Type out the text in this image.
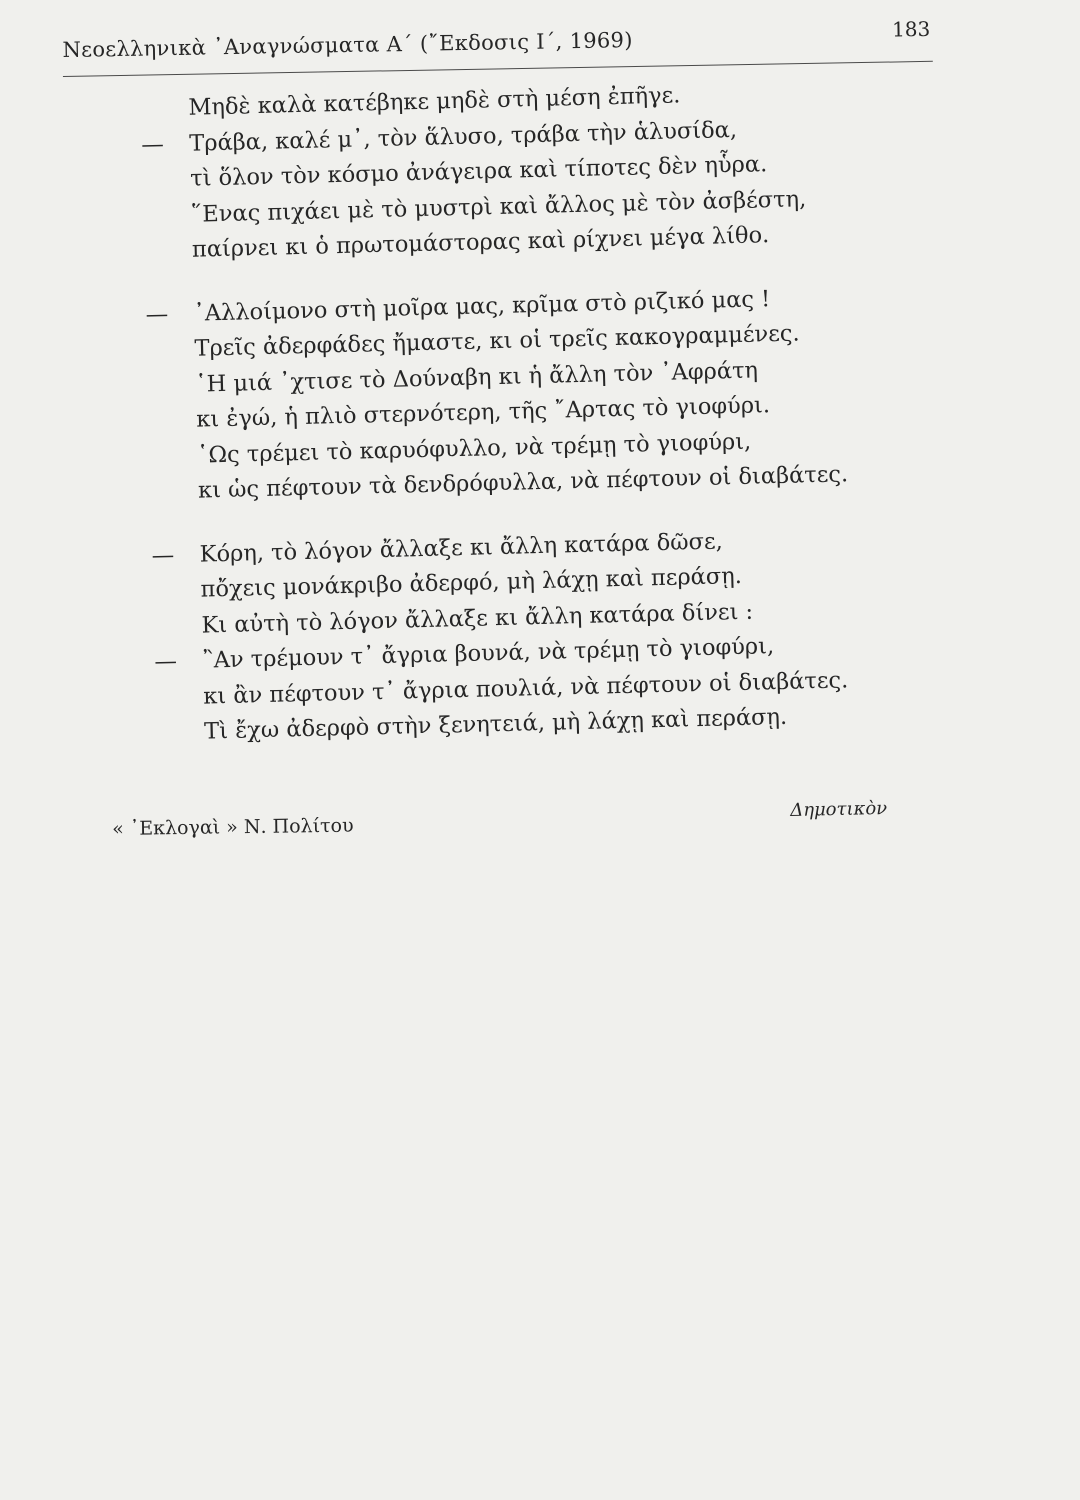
Νεοελληνικὰ ᾿Αναγνώσματα Α΄ (῎Εκδοσις Ι΄, 1969)	183
Μηδὲ καλὰ κατέβηκε μηδὲ στὴ μέση ἐπῆγε.
—	Τράβα, καλέ μ᾿, τὸν ἅλυσο, τράβα τὴν ἁλυσίδα,
τὶ ὅλον τὸν κόσμο ἀνάγειρα καὶ τίποτες δὲν ηὗρα.
῞Ενας πιχάει μὲ τὸ μυστρὶ καὶ ἄλλος μὲ τὸν ἀσβέστη,
παίρνει κι ὁ πρωτομάστορας καὶ ρίχνει μέγα λίθο.
—	᾿Αλλοίμονο στὴ μοῖρα μας, κρῖμα στὸ ριζικό μας !
Τρεῖς ἀδερφάδες ἤμαστε, κι οἱ τρεῖς κακογραμμένες.
῾Η μιά ᾿χτισε τὸ Δούναβη κι ἡ ἄλλη τὸν ᾿Αφράτη
κι ἐγώ, ἡ πλιὸ στερνότερη, τῆς ῎Αρτας τὸ γιοφύρι.
῾Ως τρέμει τὸ καρυόφυλλο, νὰ τρέμῃ τὸ γιοφύρι,
κι ὡς πέφτουν τὰ δενδρόφυλλα, νὰ πέφτουν οἱ διαβάτες.
—	Κόρη, τὸ λόγον ἄλλαξε κι ἄλλη κατάρα δῶσε,
πὄχεις μονάκριβο ἀδερφό, μὴ λάχῃ καὶ περάσῃ.
Κι αὐτὴ τὸ λόγον ἄλλαξε κι ἄλλη κατάρα δίνει :
—	῍Αν τρέμουν τ᾿ ἄγρια βουνά, νὰ τρέμῃ τὸ γιοφύρι,
κι ἂν πέφτουν τ᾿ ἄγρια πουλιά, νὰ πέφτουν οἱ διαβάτες.
Τὶ ἔχω ἀδερφὸ στὴν ξενητειά, μὴ λάχῃ καὶ περάσῃ.
« ᾿Εκλογαὶ » Ν. Πολίτου
Δημοτικὸν
